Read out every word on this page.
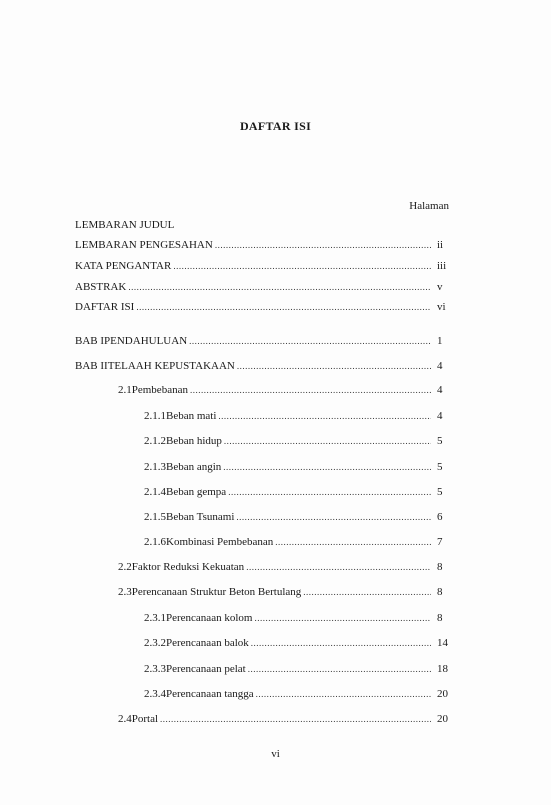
DAFTAR ISI
Halaman
LEMBARAN JUDUL
LEMBARAN PENGESAHAN .....	ii
KATA PENGANTAR .....	iii
ABSTRAK .....	v
DAFTAR ISI .....	vi
BAB I PENDAHULUAN .....	1
BAB II TELAAH KEPUSTAKAAN .....	4
2.1 Pembebanan .....	4
2.1.1 Beban mati .....	4
2.1.2 Beban hidup .....	5
2.1.3 Beban angin .....	5
2.1.4 Beban gempa .....	5
2.1.5 Beban Tsunami .....	6
2.1.6 Kombinasi Pembebanan .....	7
2.2 Faktor Reduksi Kekuatan .....	8
2.3 Perencanaan Struktur Beton Bertulang .....	8
2.3.1 Perencanaan kolom .....	8
2.3.2 Perencanaan balok .....	14
2.3.3 Perencanaan pelat .....	18
2.3.4 Perencanaan tangga .....	20
2.4 Portal .....	20
vi
